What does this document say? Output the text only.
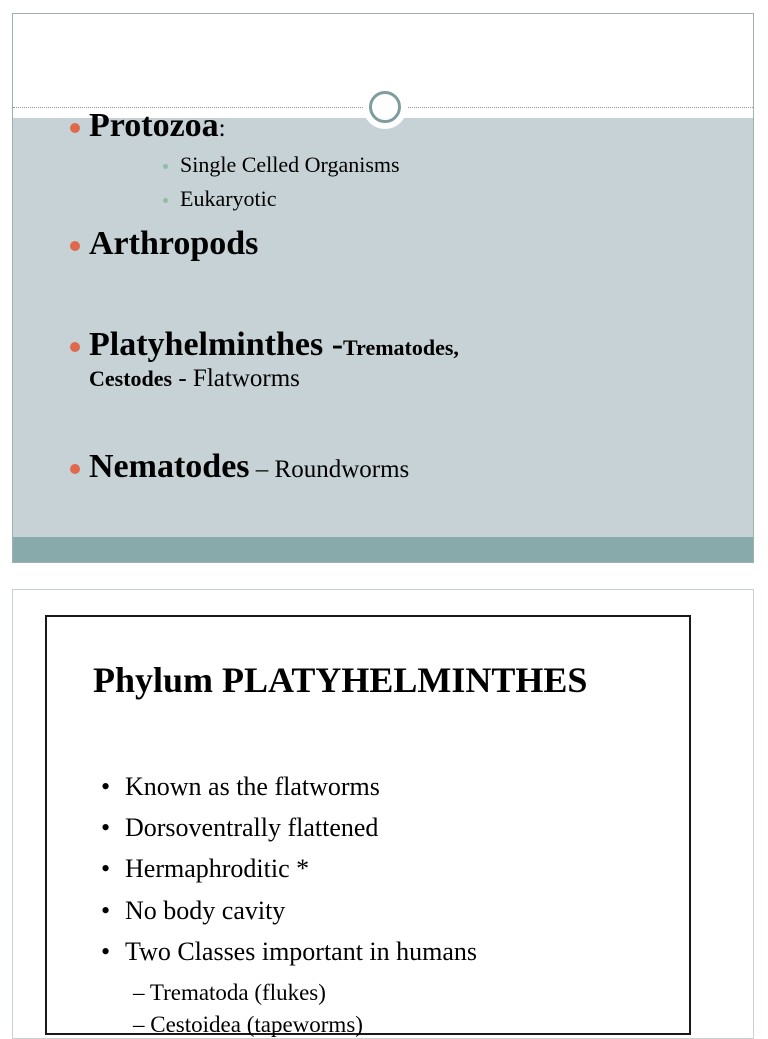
Protozoa:
Single Celled Organisms
Eukaryotic
Arthropods
Platyhelminthes -Trematodes,
Cestodes - Flatworms
Nematodes – Roundworms
Phylum PLATYHELMINTHES
• Known as the flatworms
• Dorsoventrally flattened
• Hermaphroditic *
• No body cavity
• Two Classes important in humans
– Trematoda (flukes)
– Cestoidea (tapeworms)
